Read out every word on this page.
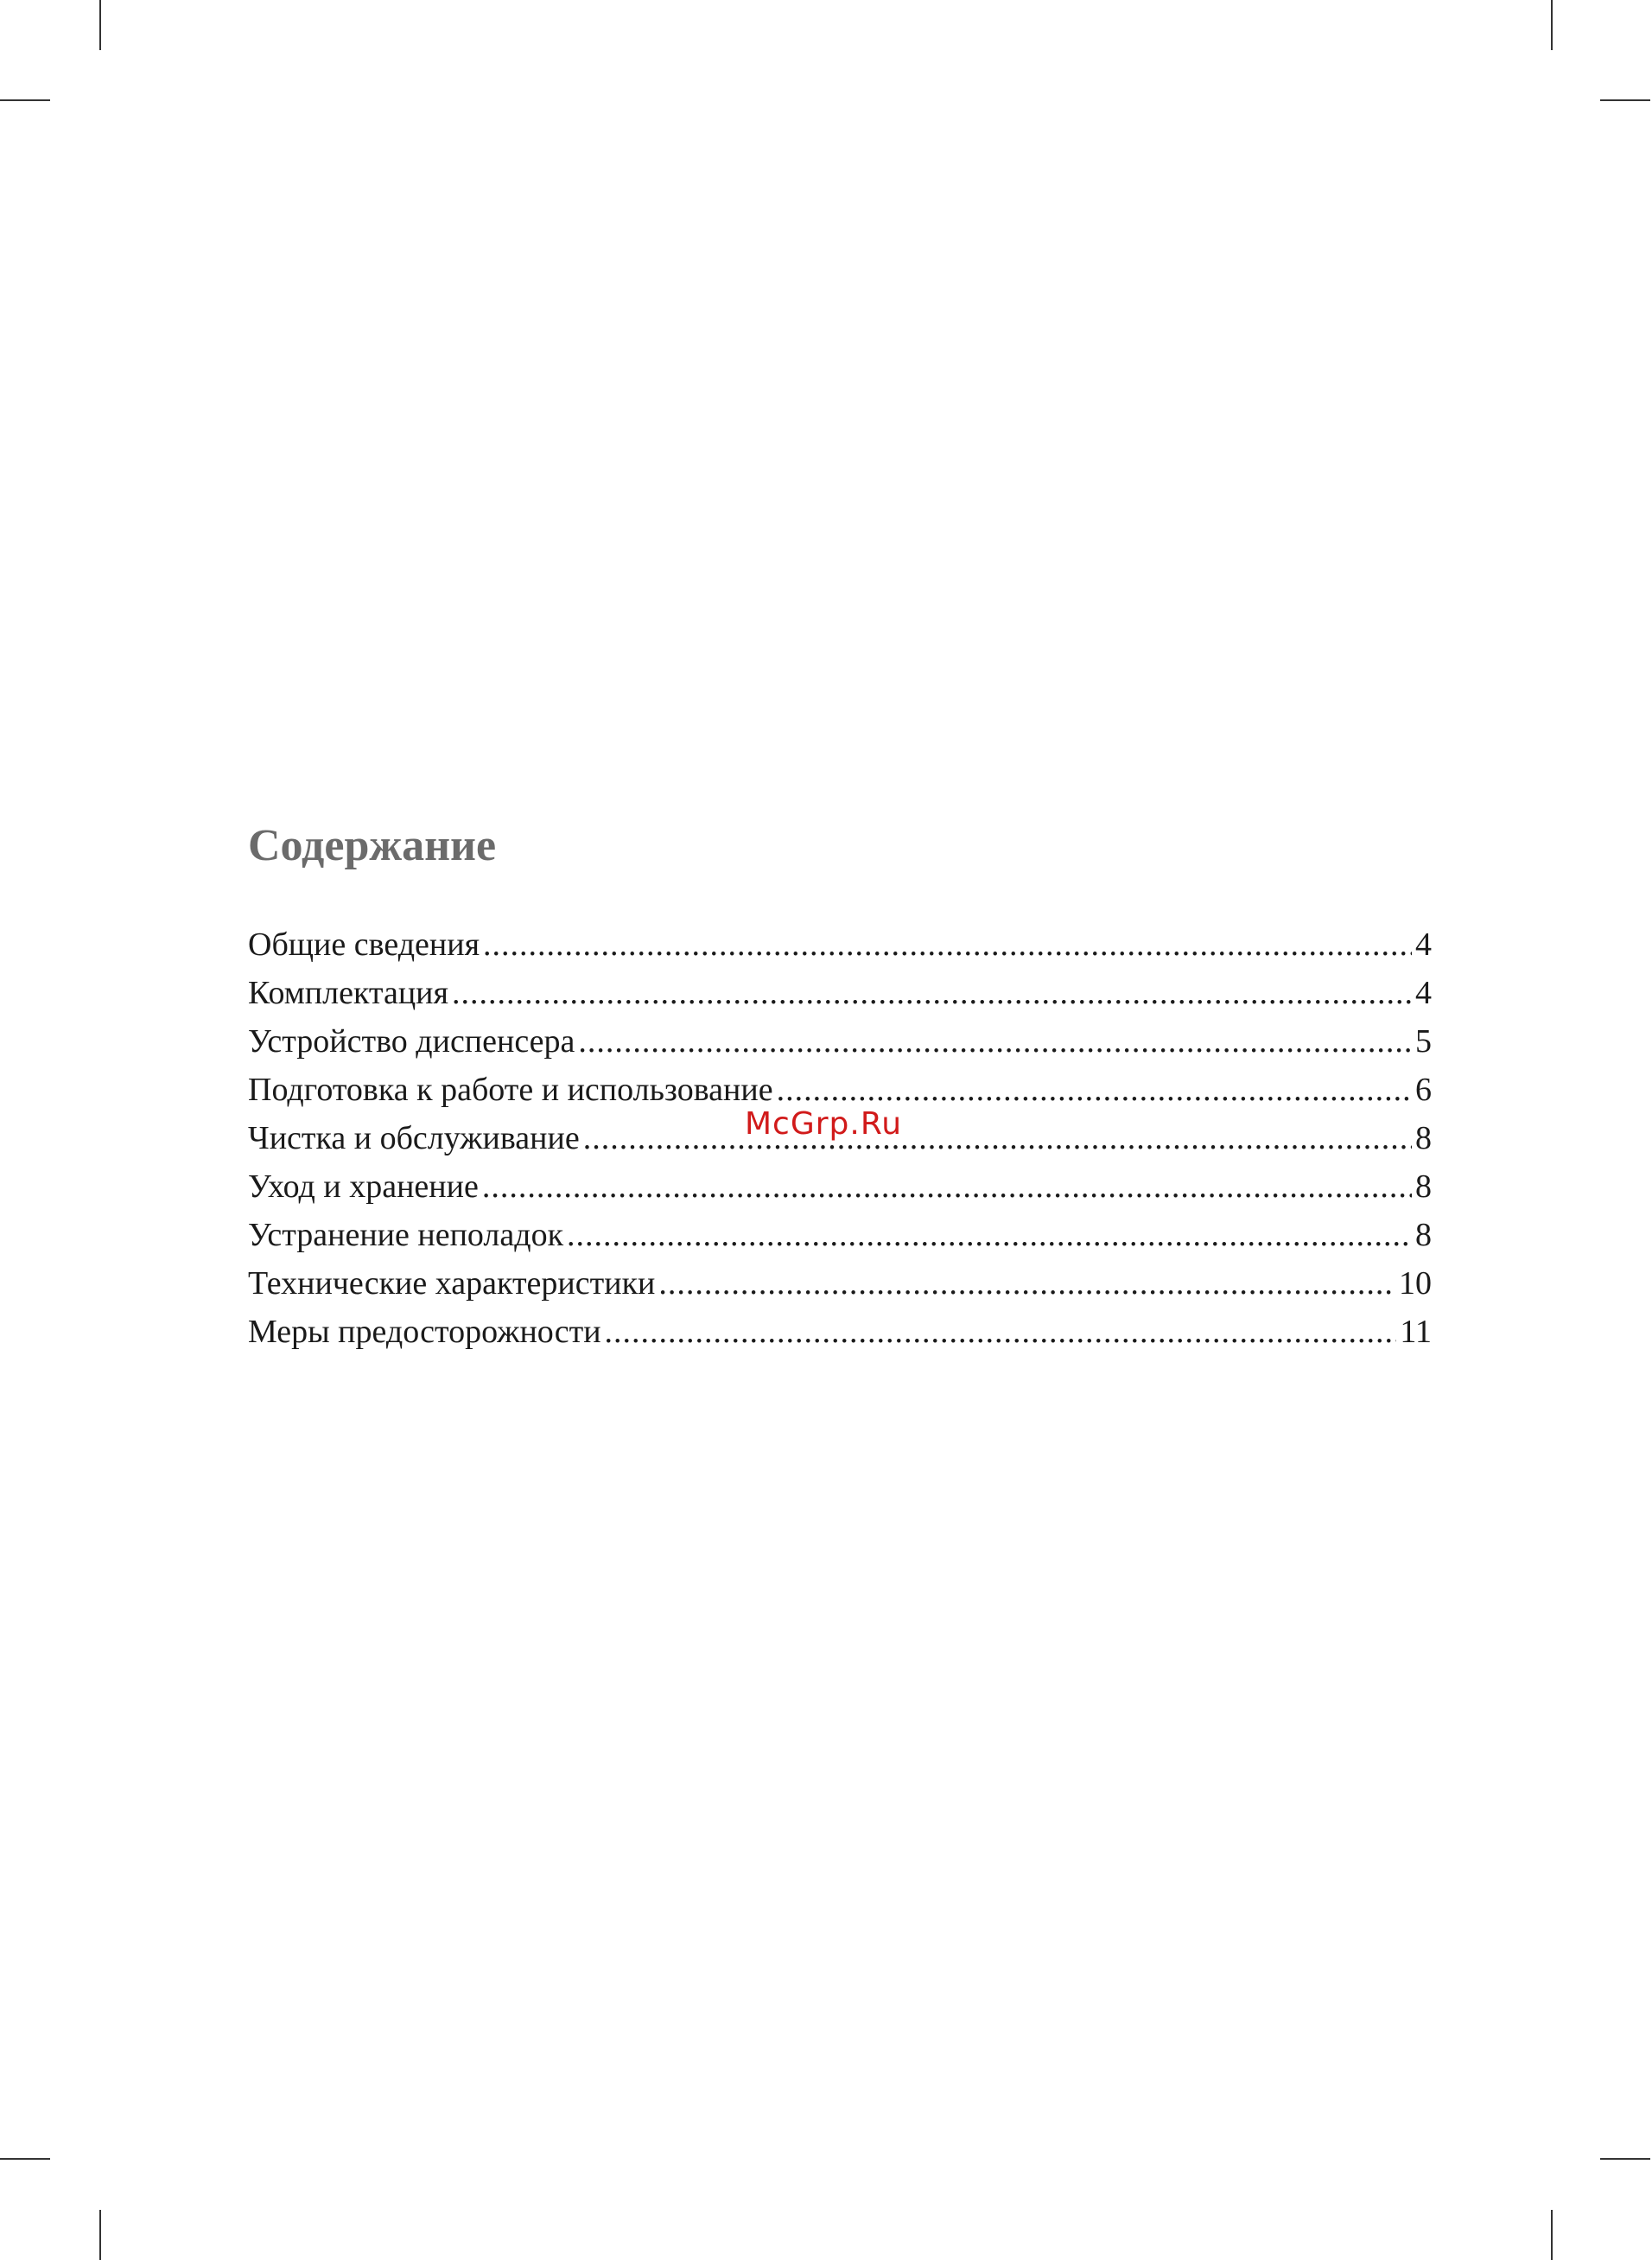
Содержание
Общие сведения .....	4
Комплектация .....	4
Устройство диспенсера .....	5
Подготовка к работе и использование .....	6
Чистка и обслуживание .....	8
Уход и хранение .....	8
Устранение неполадок .....	8
Технические характеристики .....	10
Меры предосторожности .....	11
McGrp.Ru
